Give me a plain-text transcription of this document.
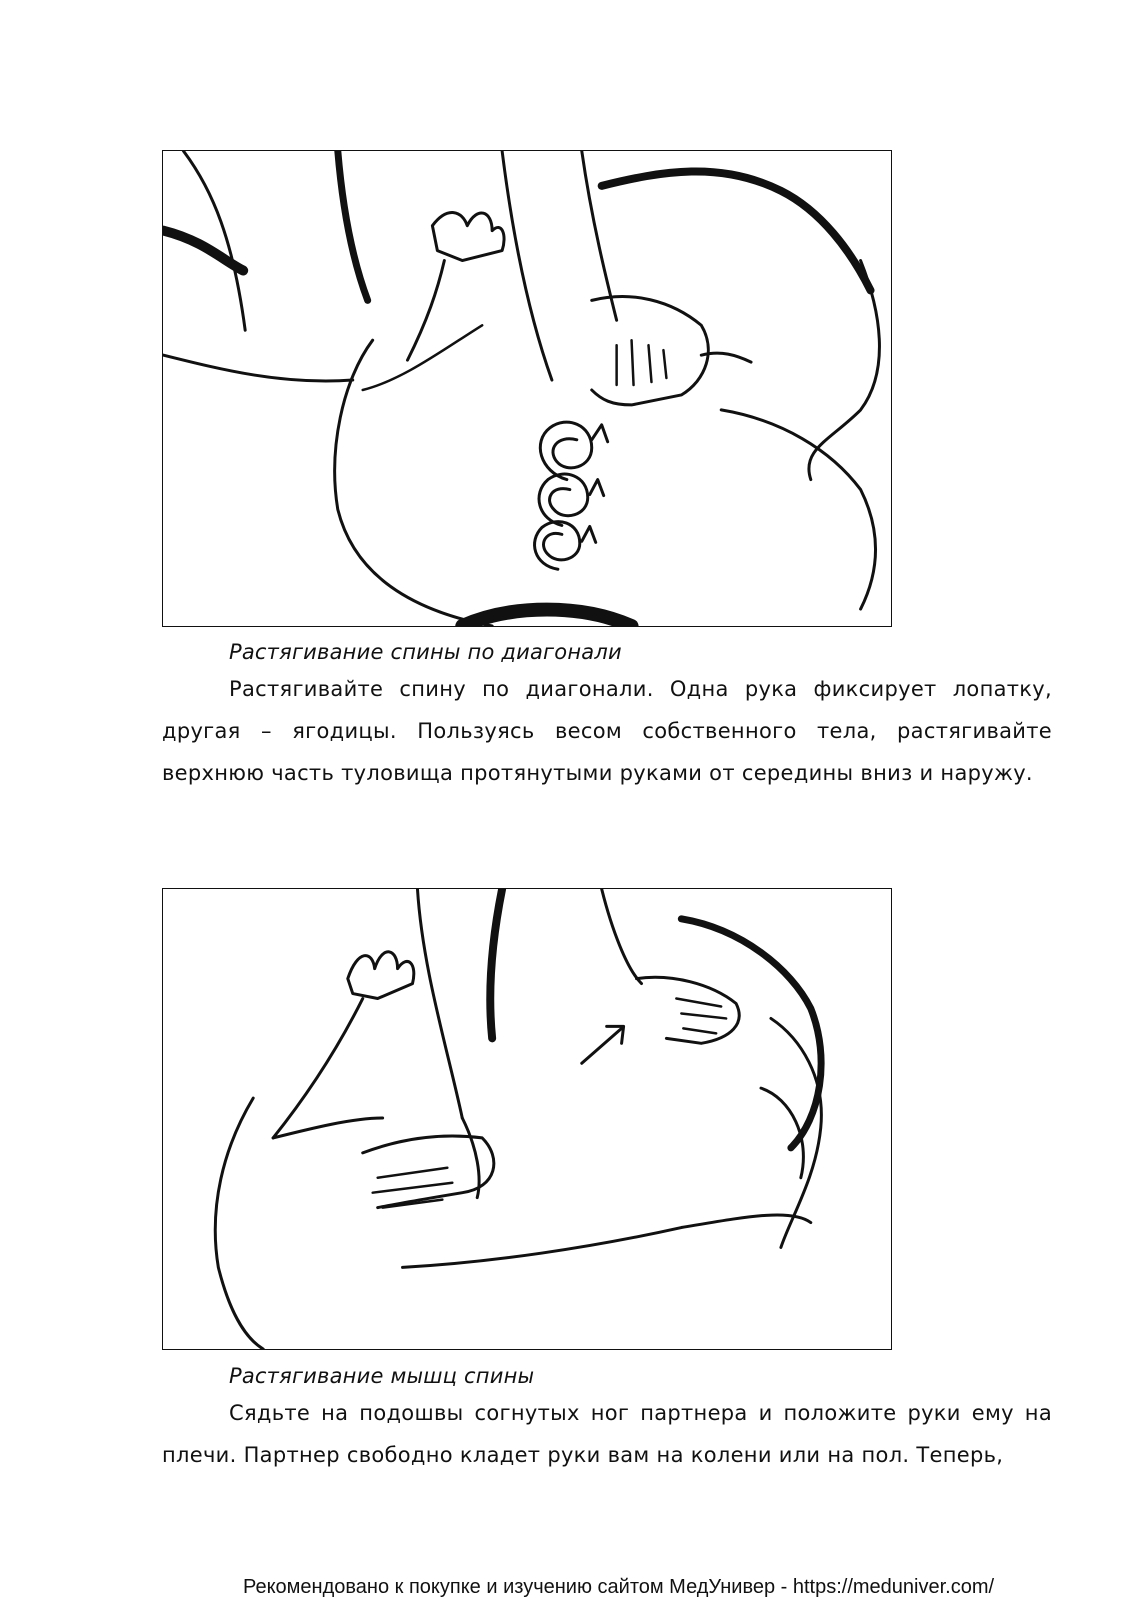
Растягивание спины по диагонали

Растягивайте спину по диагонали. Одна рука фиксирует лопатку, другая – ягодицы. Пользуясь весом собственного тела, растягивайте верхнюю часть туловища протянутыми руками от середины вниз и наружу.

Растягивание мышц спины

Сядьте на подошвы согнутых ног партнера и положите руки ему на плечи. Партнер свободно кладет руки вам на колени или на пол. Теперь,

Рекомендовано к покупке и изучению сайтом МедУнивер - https://meduniver.com/
